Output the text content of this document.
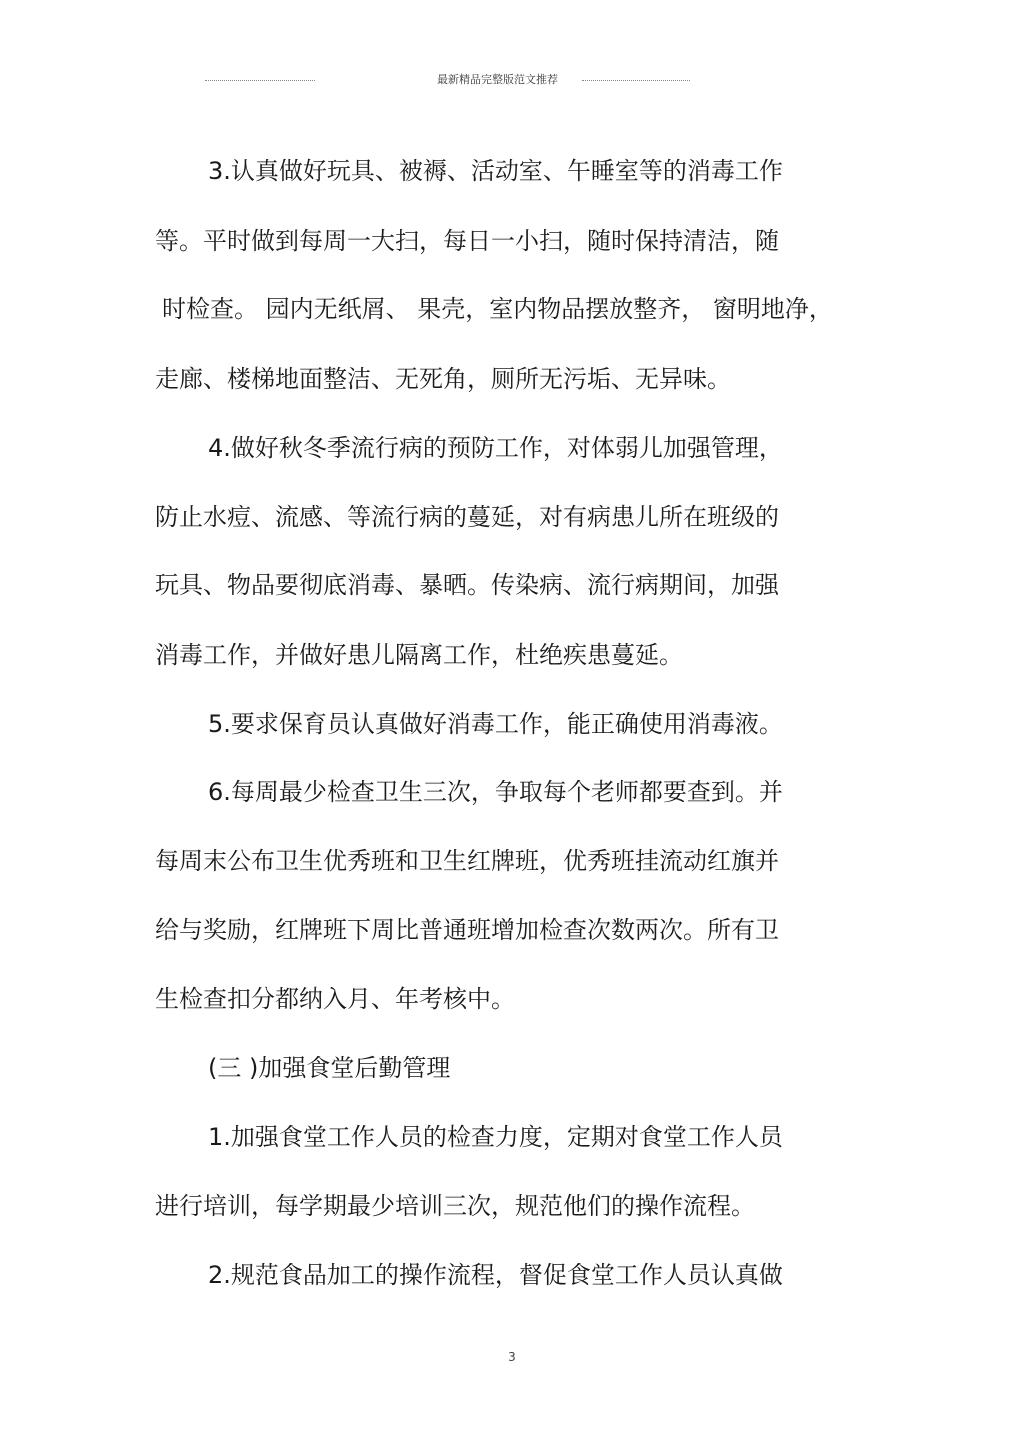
最新精品完整版范文推荐
3.认真做好玩具、被褥、活动室、午睡室等的消毒工作
等。平时做到每周一大扫，每日一小扫，随时保持清洁，随
时检查。 园内无纸屑、 果壳，室内物品摆放整齐， 窗明地净，
走廊、楼梯地面整洁、无死角，厕所无污垢、无异味。
4.做好秋冬季流行病的预防工作，对体弱儿加强管理，
防止水痘、流感、等流行病的蔓延，对有病患儿所在班级的
玩具、物品要彻底消毒、暴晒。传染病、流行病期间，加强
消毒工作，并做好患儿隔离工作，杜绝疾患蔓延。
5.要求保育员认真做好消毒工作，能正确使用消毒液。
6.每周最少检查卫生三次，争取每个老师都要查到。并
每周末公布卫生优秀班和卫生红牌班，优秀班挂流动红旗并
给与奖励，红牌班下周比普通班增加检查次数两次。所有卫
生检查扣分都纳入月、年考核中。
(三 )加强食堂后勤管理
1.加强食堂工作人员的检查力度，定期对食堂工作人员
进行培训，每学期最少培训三次，规范他们的操作流程。
2.规范食品加工的操作流程，督促食堂工作人员认真做
3
